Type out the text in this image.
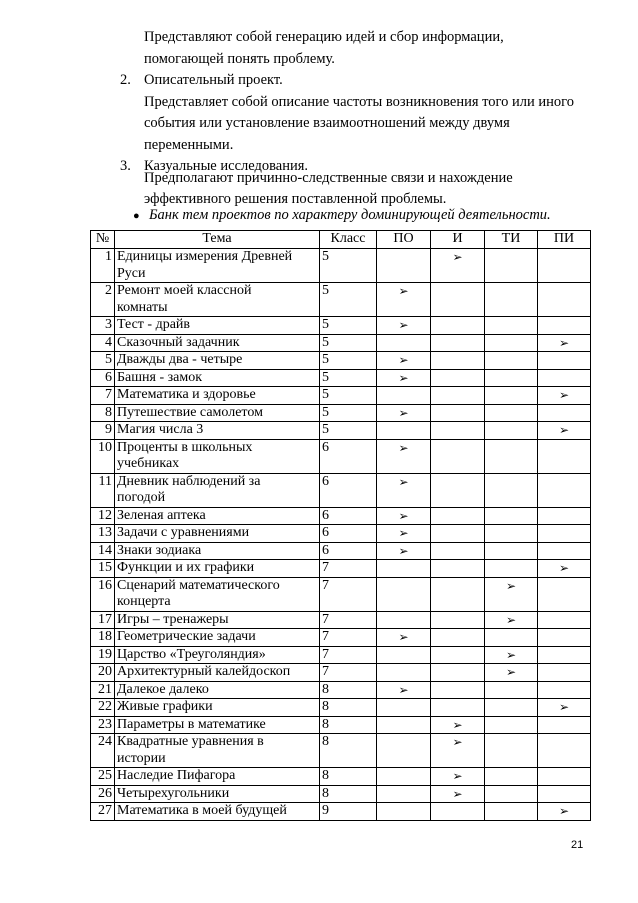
Представляют собой генерацию идей и сбор информации,
помогающей понять проблему.
2. Описательный проект.
Представляет собой описание частоты возникновения того или иного
события или установление взаимоотношений между двумя
переменными.
3. Казуальные исследования.
Предполагают причинно-следственные связи и нахождение
эффективного решения поставленной проблемы.
● Банк тем проектов по характеру доминирующей деятельности.
№	Тема	Класс	ПО	И	ТИ	ПИ
1	Единицы измерения Древней
Руси	5		➢		
2	Ремонт моей классной
комнаты	5	➢			
3	Тест - драйв	5	➢			
4	Сказочный задачник	5				➢
5	Дважды два - четыре	5	➢			
6	Башня - замок	5	➢			
7	Математика и здоровье	5				➢
8	Путешествие самолетом	5	➢			
9	Магия числа 3	5				➢
10	Проценты в школьных
учебниках	6	➢			
11	Дневник наблюдений за
погодой	6	➢			
12	Зеленая аптека	6	➢			
13	Задачи с уравнениями	6	➢			
14	Знаки зодиака	6	➢			
15	Функции и их графики	7				➢
16	Сценарий математического
концерта	7			➢	
17	Игры – тренажеры	7			➢	
18	Геометрические задачи	7	➢			
19	Царство «Треуголяндия»	7			➢	
20	Архитектурный калейдоскоп	7			➢	
21	Далекое далеко	8	➢			
22	Живые графики	8				➢
23	Параметры в математике	8		➢		
24	Квадратные уравнения в
истории	8		➢		
25	Наследие Пифагора	8		➢		
26	Четырехугольники	8		➢		
27	Математика в моей будущей	9				➢
21
